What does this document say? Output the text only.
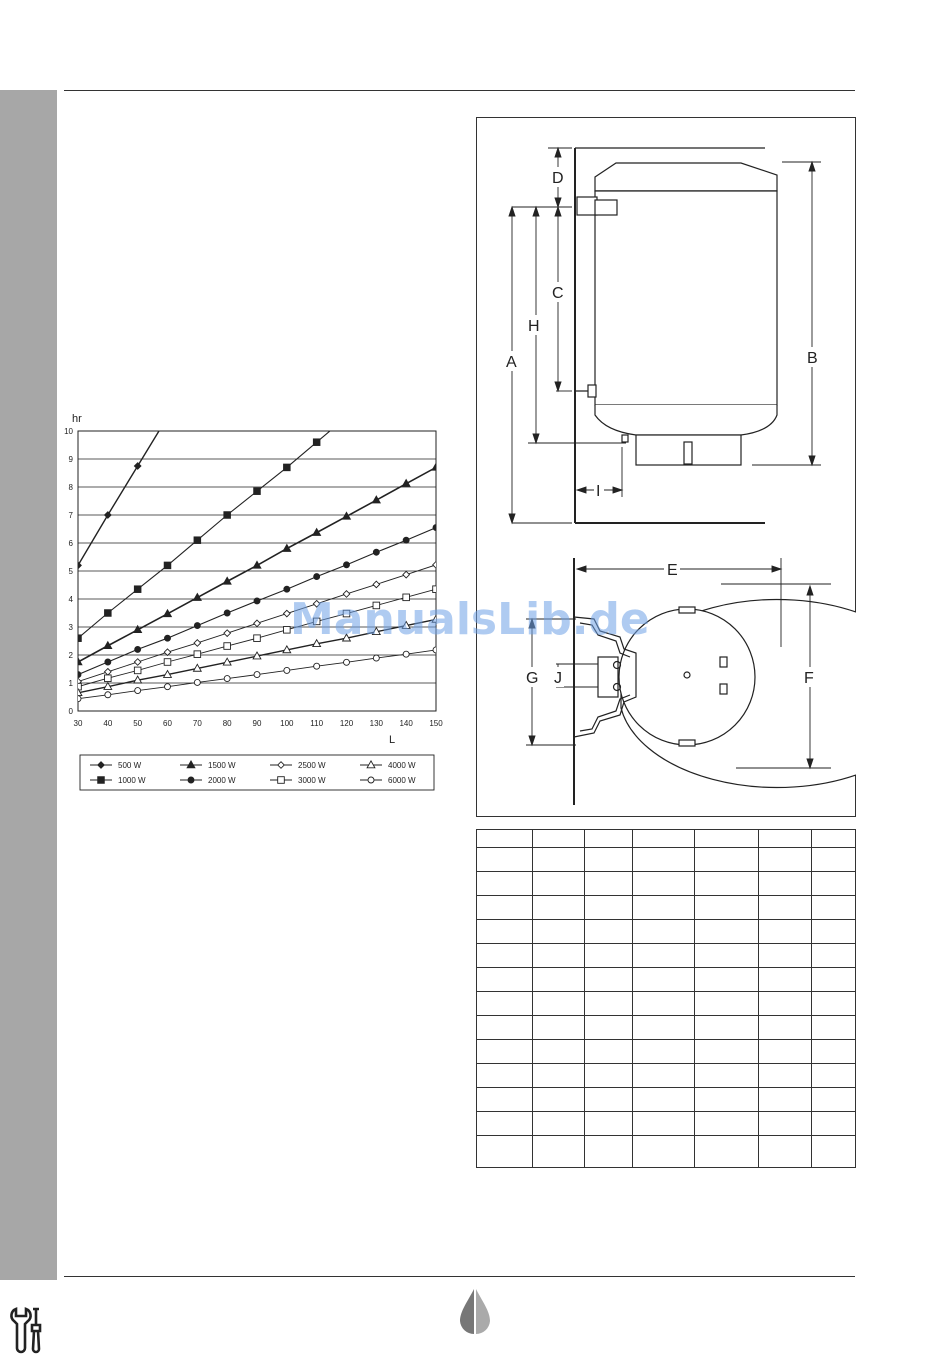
0
1
2
3
4
5
6
7
8
9
10
30	40	50	60	70	80	90 100 110 120 130 140 150
hr
L
500 W	1500 W	2500 W	4000 W
1000 W	2000 W	3000 W	6000 W
A
H
C
D
B
I
E
F
G J

ManualsLib.de
